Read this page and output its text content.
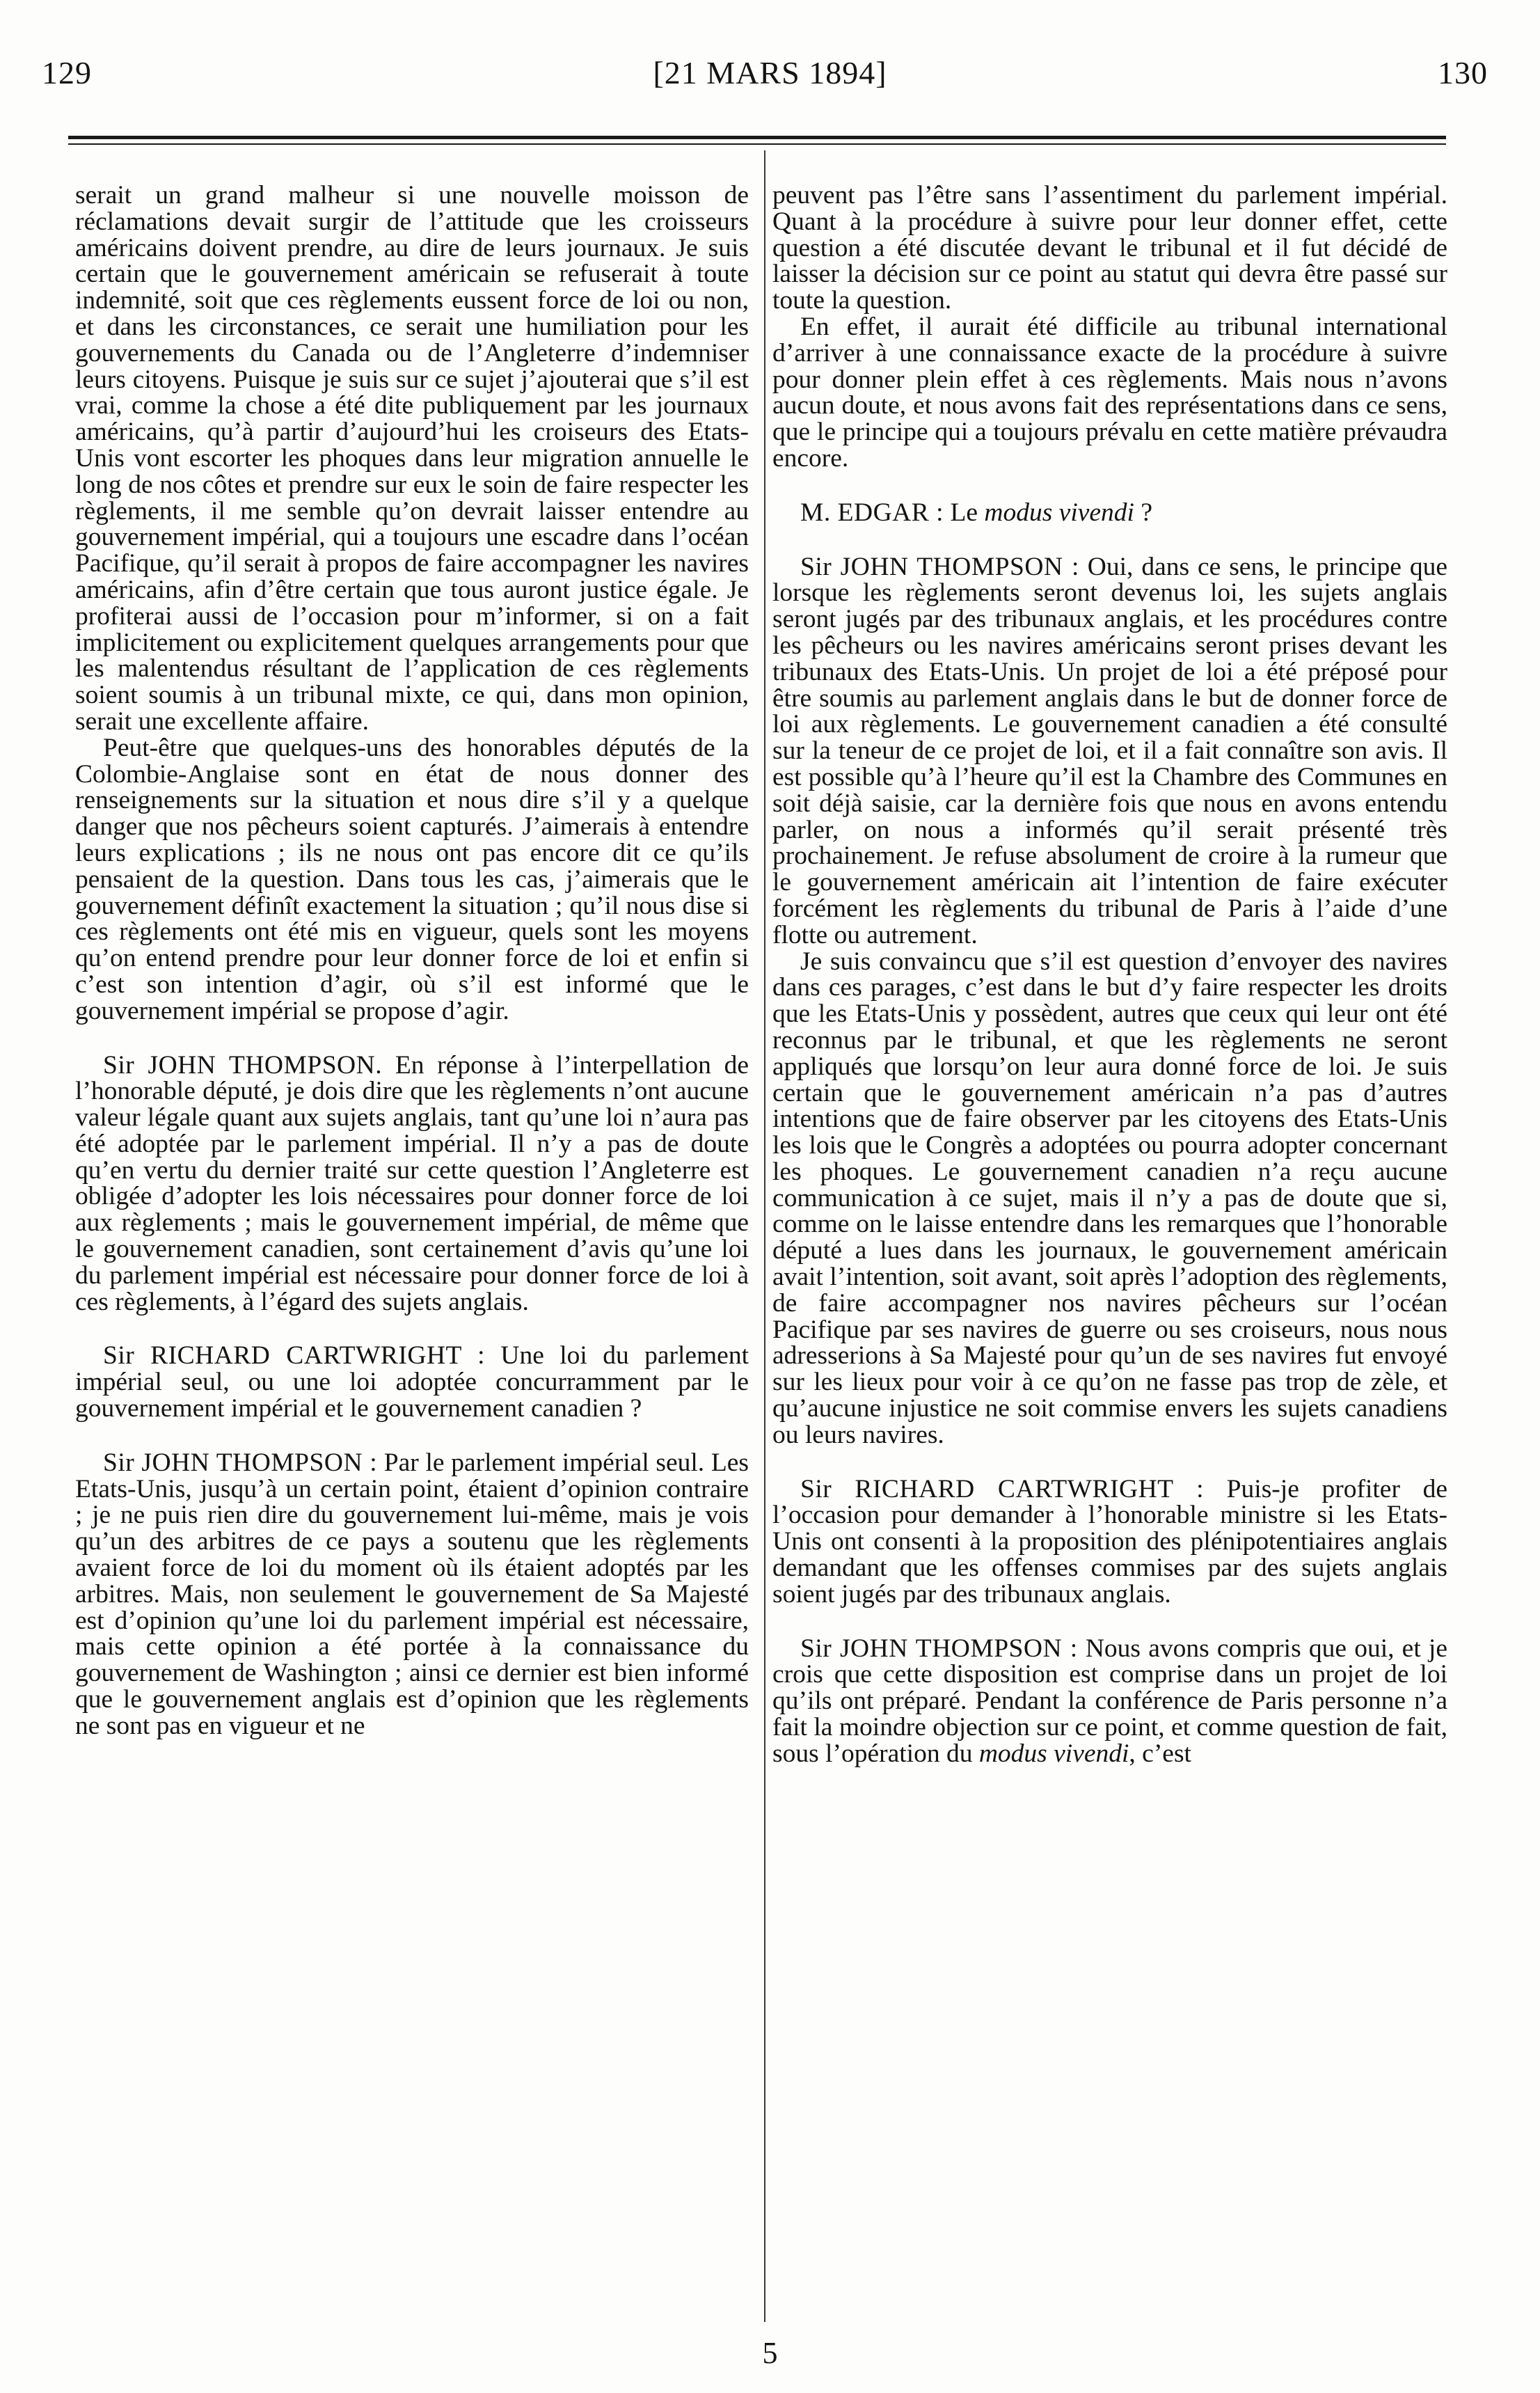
129	[21 MARS 1894]	130

serait un grand malheur si une nouvelle moisson de réclamations devait surgir de l’attitude que les croisseurs américains doivent prendre, au dire de leurs journaux. Je suis certain que le gouvernement américain se refuserait à toute indemnité, soit que ces règlements eussent force de loi ou non, et dans les circonstances, ce serait une humiliation pour les gouvernements du Canada ou de l’Angleterre d’indemniser leurs citoyens. Puisque je suis sur ce sujet j’ajouterai que s’il est vrai, comme la chose a été dite publiquement par les journaux américains, qu’à partir d’aujourd’hui les croiseurs des Etats-Unis vont escorter les phoques dans leur migration annuelle le long de nos côtes et prendre sur eux le soin de faire respecter les règlements, il me semble qu’on devrait laisser entendre au gouvernement impérial, qui a toujours une escadre dans l’océan Pacifique, qu’il serait à propos de faire accompagner les navires américains, afin d’être certain que tous auront justice égale. Je profiterai aussi de l’occasion pour m’informer, si on a fait implicitement ou explicitement quelques arrangements pour que les malentendus résultant de l’application de ces règlements soient soumis à un tribunal mixte, ce qui, dans mon opinion, serait une excellente affaire.

Peut-être que quelques-uns des honorables députés de la Colombie-Anglaise sont en état de nous donner des renseignements sur la situation et nous dire s’il y a quelque danger que nos pêcheurs soient capturés. J’aimerais à entendre leurs explications ; ils ne nous ont pas encore dit ce qu’ils pensaient de la question. Dans tous les cas, j’aimerais que le gouvernement définît exactement la situation ; qu’il nous dise si ces règlements ont été mis en vigueur, quels sont les moyens qu’on entend prendre pour leur donner force de loi et enfin si c’est son intention d’agir, où s’il est informé que le gouvernement impérial se propose d’agir.

Sir JOHN THOMPSON. En réponse à l’interpellation de l’honorable député, je dois dire que les règlements n’ont aucune valeur légale quant aux sujets anglais, tant qu’une loi n’aura pas été adoptée par le parlement impérial. Il n’y a pas de doute qu’en vertu du dernier traité sur cette question l’Angleterre est obligée d’adopter les lois nécessaires pour donner force de loi aux règlements ; mais le gouvernement impérial, de même que le gouvernement canadien, sont certainement d’avis qu’une loi du parlement impérial est nécessaire pour donner force de loi à ces règlements, à l’égard des sujets anglais.

Sir RICHARD CARTWRIGHT : Une loi du parlement impérial seul, ou une loi adoptée concurramment par le gouvernement impérial et le gouvernement canadien ?

Sir JOHN THOMPSON : Par le parlement impérial seul. Les Etats-Unis, jusqu’à un certain point, étaient d’opinion contraire ; je ne puis rien dire du gouvernement lui-même, mais je vois qu’un des arbitres de ce pays a soutenu que les règlements avaient force de loi du moment où ils étaient adoptés par les arbitres. Mais, non seulement le gouvernement de Sa Majesté est d’opinion qu’une loi du parlement impérial est nécessaire, mais cette opinion a été portée à la connaissance du gouvernement de Washington ; ainsi ce dernier est bien informé que le gouvernement anglais est d’opinion que les règlements ne sont pas en vigueur et ne

peuvent pas l’être sans l’assentiment du parlement impérial. Quant à la procédure à suivre pour leur donner effet, cette question a été discutée devant le tribunal et il fut décidé de laisser la décision sur ce point au statut qui devra être passé sur toute la question.

En effet, il aurait été difficile au tribunal international d’arriver à une connaissance exacte de la procédure à suivre pour donner plein effet à ces règlements. Mais nous n’avons aucun doute, et nous avons fait des représentations dans ce sens, que le principe qui a toujours prévalu en cette matière prévaudra encore.

M. EDGAR : Le modus vivendi ?

Sir JOHN THOMPSON : Oui, dans ce sens, le principe que lorsque les règlements seront devenus loi, les sujets anglais seront jugés par des tribunaux anglais, et les procédures contre les pêcheurs ou les navires américains seront prises devant les tribunaux des Etats-Unis. Un projet de loi a été préposé pour être soumis au parlement anglais dans le but de donner force de loi aux règlements. Le gouvernement canadien a été consulté sur la teneur de ce projet de loi, et il a fait connaître son avis. Il est possible qu’à l’heure qu’il est la Chambre des Communes en soit déjà saisie, car la dernière fois que nous en avons entendu parler, on nous a informés qu’il serait présenté très prochainement. Je refuse absolument de croire à la rumeur que le gouvernement américain ait l’intention de faire exécuter forcément les règlements du tribunal de Paris à l’aide d’une flotte ou autrement.

Je suis convaincu que s’il est question d’envoyer des navires dans ces parages, c’est dans le but d’y faire respecter les droits que les Etats-Unis y possèdent, autres que ceux qui leur ont été reconnus par le tribunal, et que les règlements ne seront appliqués que lorsqu’on leur aura donné force de loi. Je suis certain que le gouvernement américain n’a pas d’autres intentions que de faire observer par les citoyens des Etats-Unis les lois que le Congrès a adoptées ou pourra adopter concernant les phoques. Le gouvernement canadien n’a reçu aucune communication à ce sujet, mais il n’y a pas de doute que si, comme on le laisse entendre dans les remarques que l’honorable député a lues dans les journaux, le gouvernement américain avait l’intention, soit avant, soit après l’adoption des règlements, de faire accompagner nos navires pêcheurs sur l’océan Pacifique par ses navires de guerre ou ses croiseurs, nous nous adresserions à Sa Majesté pour qu’un de ses navires fut envoyé sur les lieux pour voir à ce qu’on ne fasse pas trop de zèle, et qu’aucune injustice ne soit commise envers les sujets canadiens ou leurs navires.

Sir RICHARD CARTWRIGHT : Puis-je profiter de l’occasion pour demander à l’honorable ministre si les Etats-Unis ont consenti à la proposition des plénipotentiaires anglais demandant que les offenses commises par des sujets anglais soient jugés par des tribunaux anglais.

Sir JOHN THOMPSON : Nous avons compris que oui, et je crois que cette disposition est comprise dans un projet de loi qu’ils ont préparé. Pendant la conférence de Paris personne n’a fait la moindre objection sur ce point, et comme question de fait, sous l’opération du modus vivendi, c’est

5
